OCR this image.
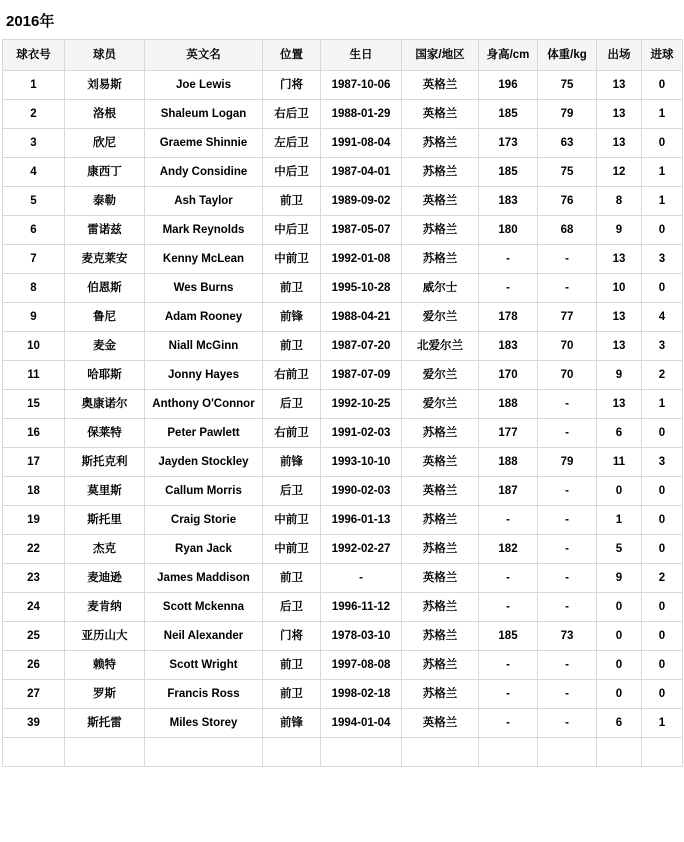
2016年
球衣号	球员	英文名	位置	生日	国家/地区	身高/cm	体重/kg	出场	进球
1	刘易斯	Joe Lewis	门将	1987-10-06	英格兰	196	75	13	0
2	洛根	Shaleum Logan	右后卫	1988-01-29	英格兰	185	79	13	1
3	欣尼	Graeme Shinnie	左后卫	1991-08-04	苏格兰	173	63	13	0
4	康西丁	Andy Considine	中后卫	1987-04-01	苏格兰	185	75	12	1
5	泰勒	Ash Taylor	前卫	1989-09-02	英格兰	183	76	8	1
6	雷诺兹	Mark Reynolds	中后卫	1987-05-07	苏格兰	180	68	9	0
7	麦克莱安	Kenny McLean	中前卫	1992-01-08	苏格兰	-	-	13	3
8	伯恩斯	Wes Burns	前卫	1995-10-28	威尔士	-	-	10	0
9	鲁尼	Adam Rooney	前锋	1988-04-21	爱尔兰	178	77	13	4
10	麦金	Niall McGinn	前卫	1987-07-20	北爱尔兰	183	70	13	3
11	哈耶斯	Jonny Hayes	右前卫	1987-07-09	爱尔兰	170	70	9	2
15	奥康诺尔	Anthony O'Connor	后卫	1992-10-25	爱尔兰	188	-	13	1
16	保莱特	Peter Pawlett	右前卫	1991-02-03	苏格兰	177	-	6	0
17	斯托克利	Jayden Stockley	前锋	1993-10-10	英格兰	188	79	11	3
18	莫里斯	Callum Morris	后卫	1990-02-03	英格兰	187	-	0	0
19	斯托里	Craig Storie	中前卫	1996-01-13	苏格兰	-	-	1	0
22	杰克	Ryan Jack	中前卫	1992-02-27	苏格兰	182	-	5	0
23	麦迪逊	James Maddison	前卫	-	英格兰	-	-	9	2
24	麦肯纳	Scott Mckenna	后卫	1996-11-12	苏格兰	-	-	0	0
25	亚历山大	Neil Alexander	门将	1978-03-10	苏格兰	185	73	0	0
26	赖特	Scott Wright	前卫	1997-08-08	苏格兰	-	-	0	0
27	罗斯	Francis Ross	前卫	1998-02-18	苏格兰	-	-	0	0
39	斯托雷	Miles Storey	前锋	1994-01-04	英格兰	-	-	6	1
